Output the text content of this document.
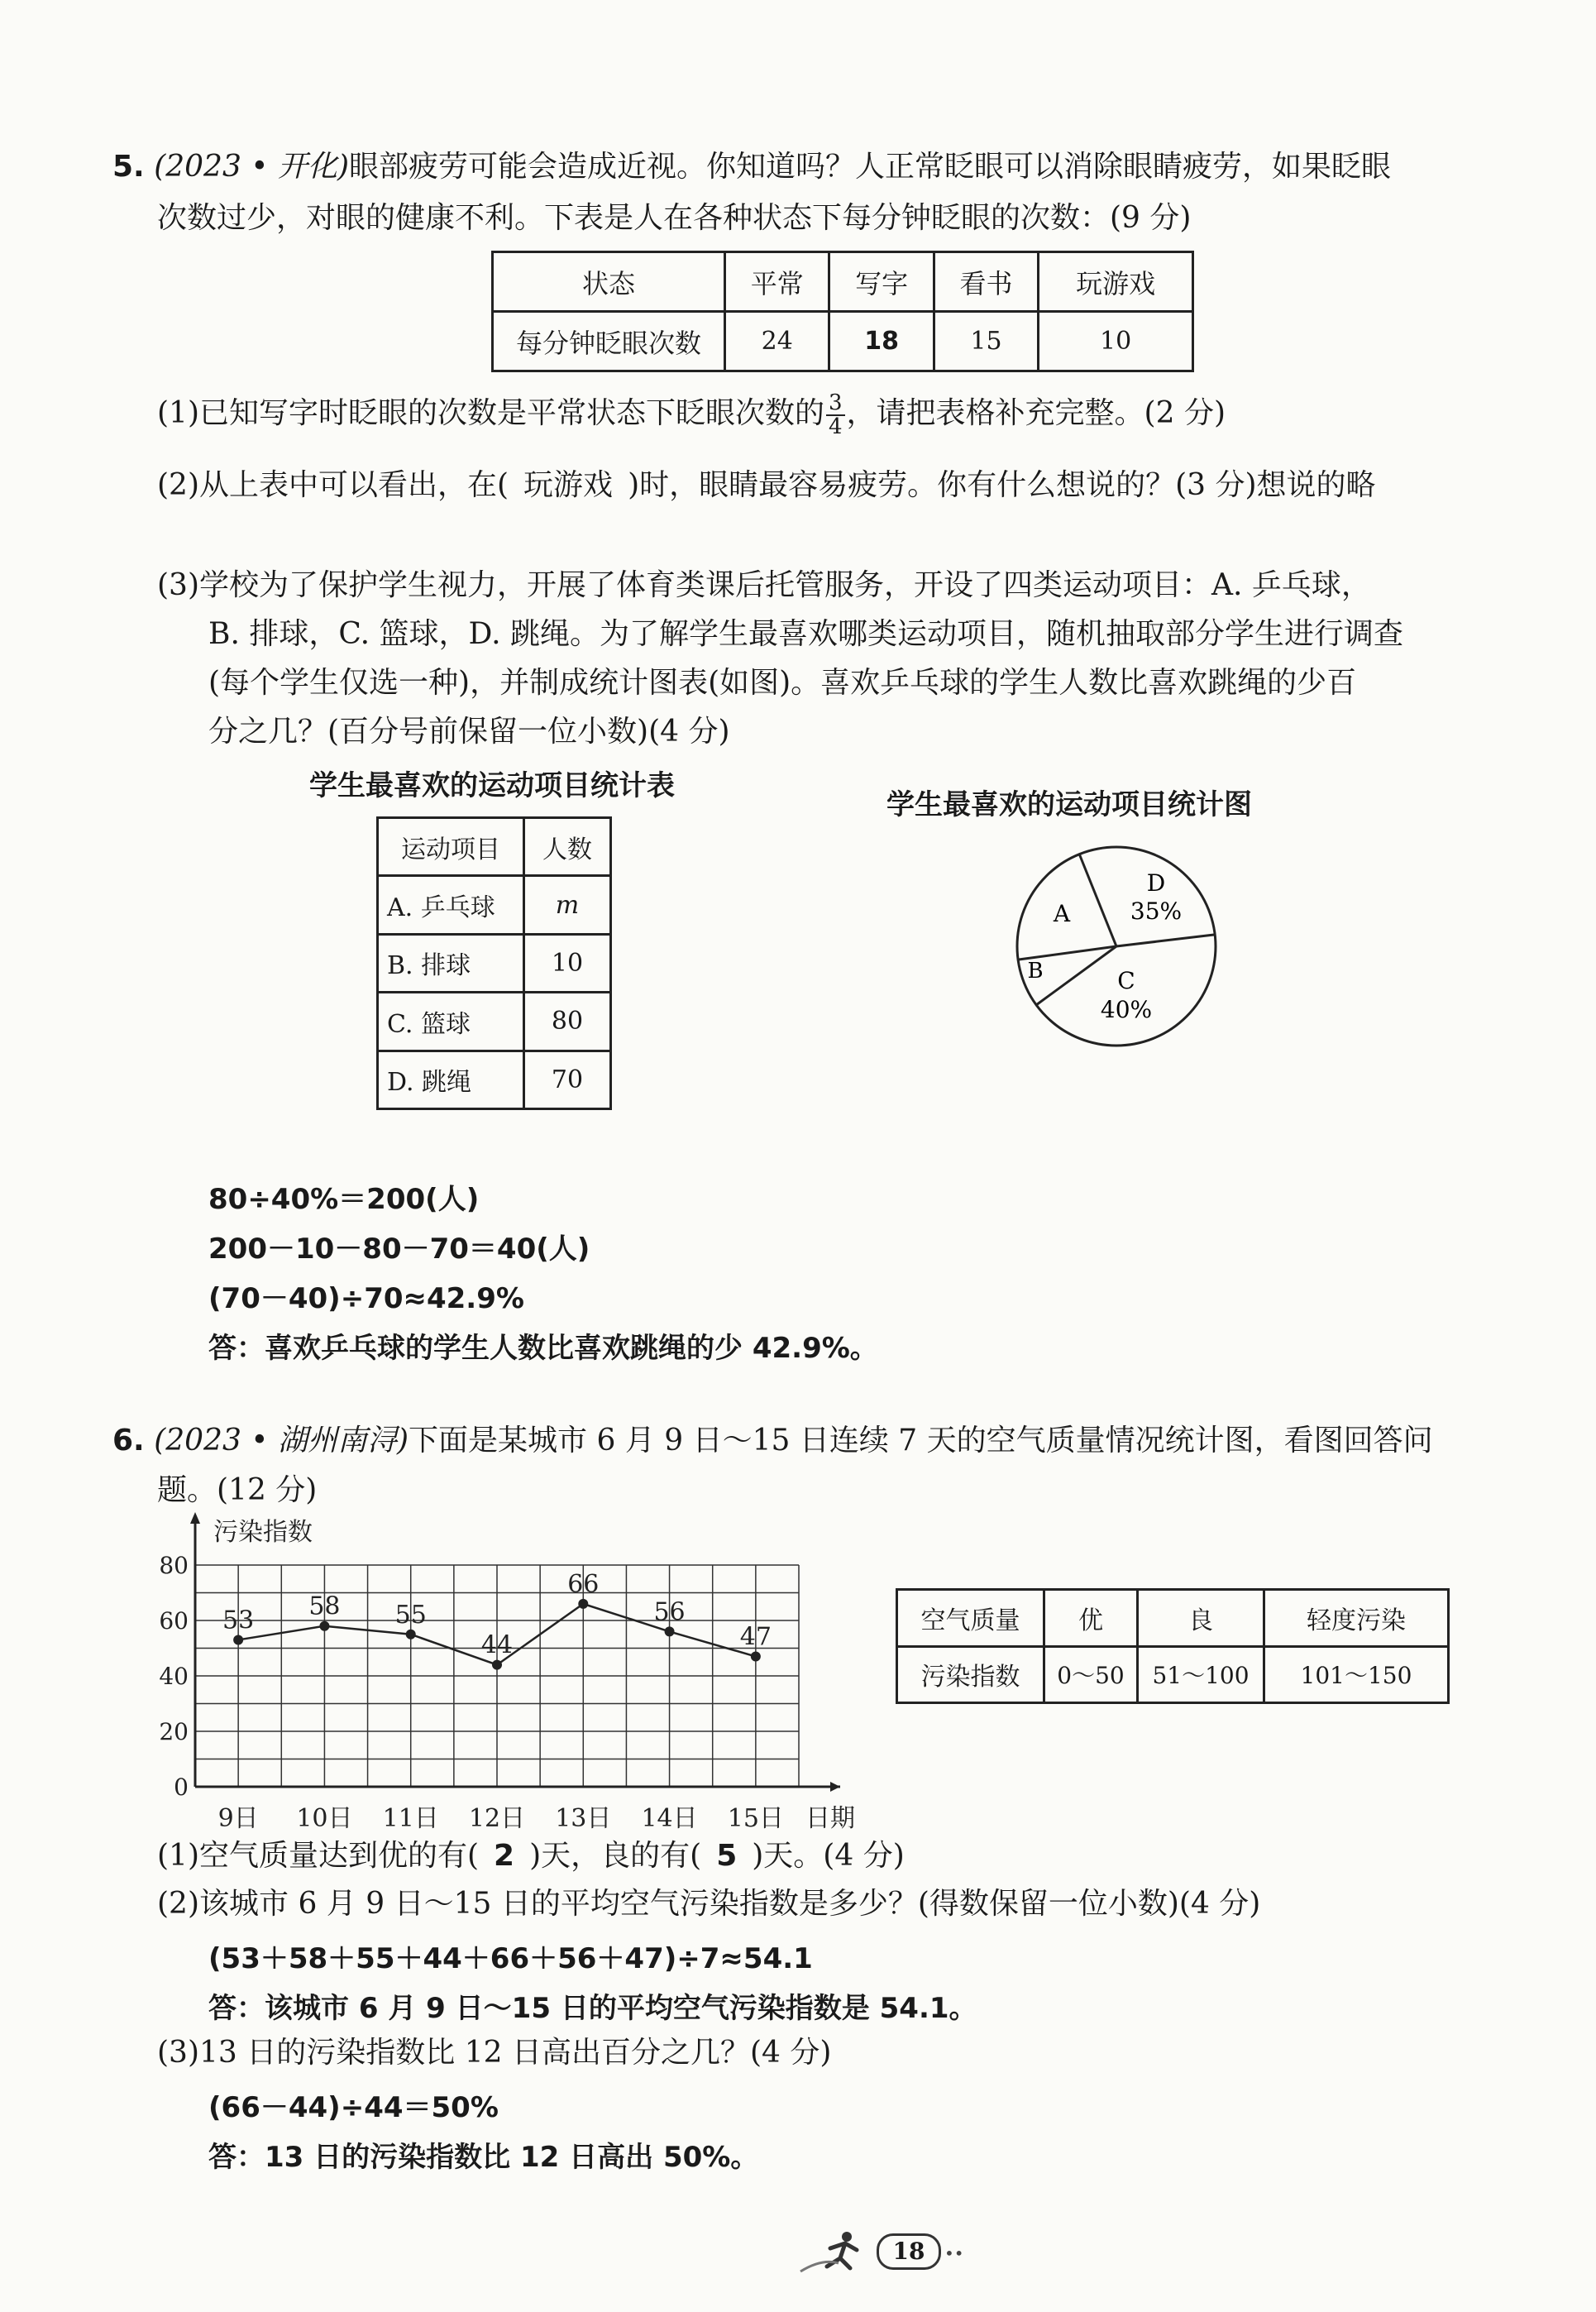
5. (2023 • 开化)眼部疲劳可能会造成近视。你知道吗？人正常眨眼可以消除眼睛疲劳，如果眨眼
次数过少，对眼的健康不利。下表是人在各种状态下每分钟眨眼的次数：(9 分)
状态	平常	写字	看书	玩游戏
每分钟眨眼次数	24	18	15	10
(1)已知写字时眨眼的次数是平常状态下眨眼次数的 $\frac{3}{4}$ ，请把表格补充完整。(2 分)
(2)从上表中可以看出，在( 玩游戏 )时，眼睛最容易疲劳。你有什么想说的？(3 分)想说的略
(3)学校为了保护学生视力，开展了体育类课后托管服务，开设了四类运动项目：A. 乒乓球，
B. 排球，C. 篮球，D. 跳绳。为了解学生最喜欢哪类运动项目，随机抽取部分学生进行调查
(每个学生仅选一种)，并制成统计图表(如图)。喜欢乒乓球的学生人数比喜欢跳绳的少百
分之几？(百分号前保留一位小数)(4 分)
学生最喜欢的运动项目统计表
运动项目	人数
A. 乒乓球	m
B. 排球	10
C. 篮球	80
D. 跳绳	70
学生最喜欢的运动项目统计图
A
B	C
40%
D
35%
80÷40%＝200(人)
200－10－80－70＝40(人)
(70－40)÷70≈42.9%
答：喜欢乒乓球的学生人数比喜欢跳绳的少 42.9%。
6. (2023 • 湖州南浔)下面是某城市 6 月 9 日～15 日连续 7 天的空气质量情况统计图，看图回答问
题。(12 分)
0
20
40
60
80
污染指数
日期
9日 10日 11日 12日 13日 14日 15日
53 58 55
44
66
56
47
空气质量	优	良	轻度污染
污染指数	0～50	51～100	101～150
(1)空气质量达到优的有( 2 )天，良的有( 5 )天。(4 分)
(2)该城市 6 月 9 日～15 日的平均空气污染指数是多少？(得数保留一位小数)(4 分)
(53＋58＋55＋44＋66＋56＋47)÷7≈54.1
答：该城市 6 月 9 日～15 日的平均空气污染指数是 54.1。
(3)13 日的污染指数比 12 日高出百分之几？(4 分)
(66－44)÷44＝50%
答：13 日的污染指数比 12 日高出 50%。
18	••
